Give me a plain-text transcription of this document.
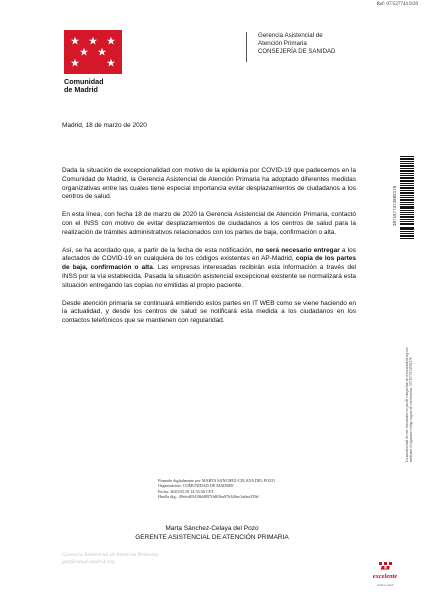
Ref: 07/527744.9/20
Comunidad
de Madrid
Gerencia Asistencial de
Atención Primaria
CONSEJERÍA DE SANIDAD
Madrid, 18 de marzo de 2020

Dada la situación de excepcionalidad con motivo de la epidemia por COVID-19 que padecemos en la Comunidad de Madrid, la Gerencia Asistencial de Atención Primaria ha adoptado diferentes medidas organizativas entre las cuales tiene especial importancia evitar desplazamientos de ciudadanos a los centros de salud.

En esta línea, con fecha 18 de marzo de 2020 la Gerencia Asistencial de Atención Primaria, contactó con el INSS con motivo de evitar desplazamientos de ciudadanos a los centros de salud para la realización de trámites administrativos relacionados con los partes de baja, confirmación o alta.

Así, se ha acordado que, a partir de la fecha de esta notificación, no será necesario entregar a los afectados de COVID-19 en cualquiera de los códigos existentes en AP-Madrid, copia de los partes de baja, confirmación o alta. Las empresas interesadas recibirán esta información a través del INSS por la vía establecida. Pasada la situación asistencial excepcional existente se normalizará esta situación entregando las copias no emitidas al propio paciente.

Desde atención primaria se continuará emitiendo estos partes en IT WEB como se viene haciendo en la actualidad, y desde los centros de salud se notificará esta medida a los ciudadanos en los contactos telefónicos que se mantienen con regularidad.

Firmado digitalmente por MARTA SANCHEZ-CELAYA DEL POZO
Organización: COMUNIDAD DE MADRID
Fecha: 2020.03.18 14:33:56 CET
Huella dig.: 49efcd05438d4897ffd01ba97b346ec3a6ea359d
Marta Sánchez-Celaya del Pozo
GERENTE ASISTENCIAL DE ATENCIÓN PRIMARIA
Gerencia Asistencial de Atención Primaria
gap@salud.madrid.org
1071577474592176
La autenticidad de este documento se puede comprobar en www.madrid.org/csv mediante el siguiente código seguro de verificación: 1071577474592176
Madrid
excelente
Cuida tu salud
